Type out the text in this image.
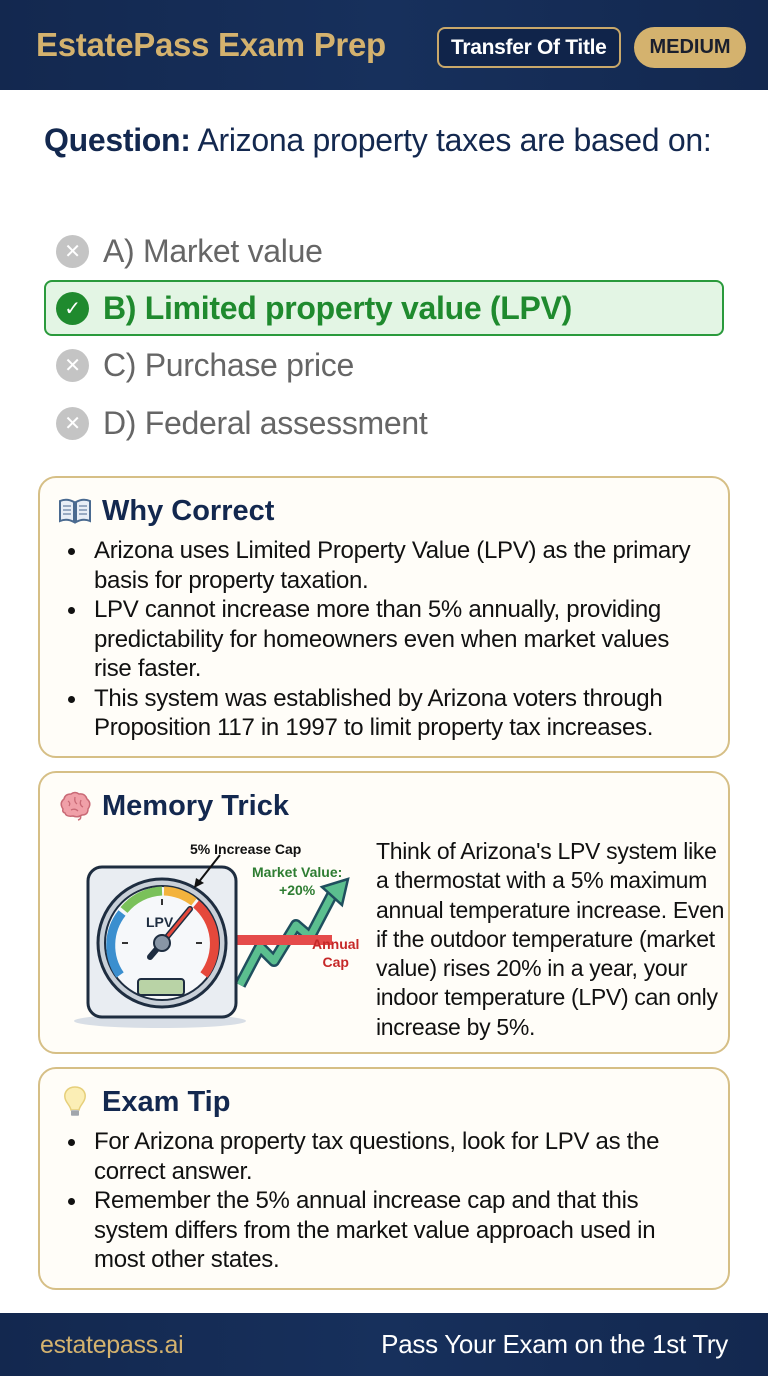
EstatePass Exam Prep	Transfer Of Title	MEDIUM
Question: Arizona property taxes are based on:
✕ A) Market value
✓ B) Limited property value (LPV)
✕ C) Purchase price
✕ D) Federal assessment
Why Correct
Arizona uses Limited Property Value (LPV) as the primary basis for property taxation.
LPV cannot increase more than 5% annually, providing predictability for homeowners even when market values rise faster.
This system was established by Arizona voters through Proposition 117 in 1997 to limit property tax increases.
Memory Trick
LPV
5% Increase Cap
Market Value:
+20%
Annual
Cap
Think of Arizona's LPV system like a thermostat with a 5% maximum annual temperature increase. Even if the outdoor temperature (market value) rises 20% in a year, your indoor temperature (LPV) can only increase by 5%.
Exam Tip
For Arizona property tax questions, look for LPV as the correct answer.
Remember the 5% annual increase cap and that this system differs from the market value approach used in most other states.
estatepass.ai	Pass Your Exam on the 1st Try
